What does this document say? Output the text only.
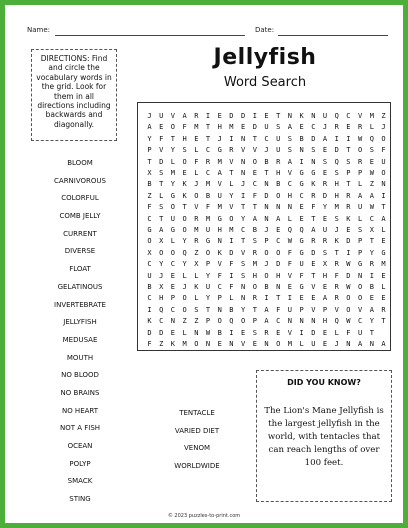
Name:	Date:
DIRECTIONS: Find and circle the vocabulary words in the grid. Look for them in all directions including backwards and diagonally.
Jellyfish
Word Search
J	U	V	A	R	I	E	D	D	I	E	T	N	K	N	U	Q	C	V	M	Z
A	E	O	F	M	T	H	M	E	D	U	S	A	E	C	J	R	E	R	L	J
Y	F	T	H	E	T	J	I	N	T	C	U	S	B	D	A	I	I	W	Q	O
P	V	Y	S	L	C	G	R	V	V	J	U	S	N	S	E	D	T	O	S	F
T	D	L	O	F	R	M	V	N	O	B	R	A	I	N	S	Q	S	R	E	U
X	S	M	E	L	C	A	T	N	E	T	H	V	G	G	E	S	P	P	W	O
B	T	Y	K	J	M	V	L	J	C	N	B	C	G	K	R	H	T	L	Z	N
Z	L	G	K	O	B	U	Y	I	F	D	O	H	C	R	D	H	R	A	A	I
F	S	O	T	V	F	M	V	T	T	N	N	N	E	F	Y	M	R	U	W	T
C	T	U	O	R	M	G	O	Y	A	N	A	L	E	T	E	S	K	L	C	A
G	A	G	O	M	U	H	M	C	B	J	E	Q	Q	A	U	J	E	S	X	L
O	X	L	Y	R	G	N	I	T	S	P	C	W	G	R	R	K	D	P	T	E
X	O	O	Q	Z	O	K	D	V	R	O	O	F	G	D	S	T	I	P	Y	G
C	Y	C	Y	X	P	V	F	S	M	J	D	F	U	E	X	R	W	G	R	M
U	J	E	L	L	Y	F	I	S	H	O	H	V	F	T	H	F	D	N	I	E
B	X	E	J	K	U	C	F	N	O	B	N	E	G	V	E	R	W	O	B	L
C	H	P	O	L	Y	P	L	N	R	I	T	I	E	E	A	R	O	O	E	E
I	Q	C	O	S	T	N	B	Y	T	A	F	U	P	V	P	V	O	V	A	R
K	C	N	Z	Z	P	O	Q	O	P	A	C	N	N	N	H	Q	W	C	Y	T
D	D	E	L	N	W	B	I	E	S	R	E	V	I	D	E	L	F	U	T
F	Z	K	M	O	N	E	N	V	E	N	O	M	L	U	E	J	N	A	N	A
BLOOM
CARNIVOROUS
COLORFUL
COMB JELLY
CURRENT
DIVERSE
FLOAT
GELATINOUS
INVERTEBRATE
JELLYFISH
MEDUSAE
MOUTH
NO BLOOD
NO BRAINS
NO HEART
NOT A FISH
OCEAN
POLYP
SMACK
STING
TENTACLE
VARIED DIET
VENOM
WORLDWIDE
DID YOU KNOW?
The Lion's Mane Jellyfish is the largest jellyfish in the world, with tentacles that can reach lengths of over 100 feet.
© 2023 puzzles-to-print.com
